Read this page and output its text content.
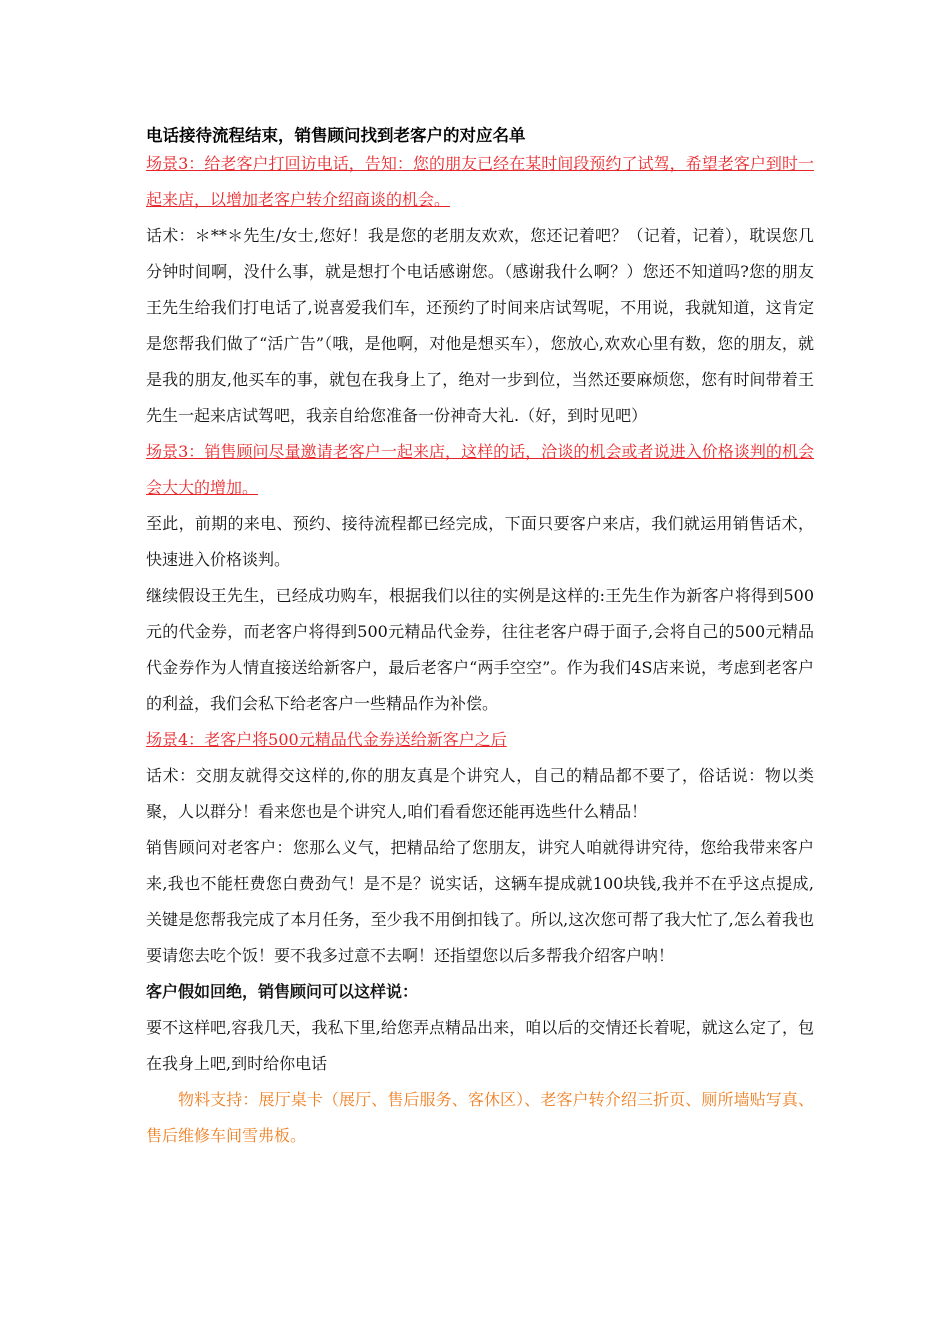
电话接待流程结束，销售顾问找到老客户的对应名单

场景3：给老客户打回访电话，告知：您的朋友已经在某时间段预约了试驾，希望老客户到时一起来店，以增加老客户转介绍商谈的机会。

话术：＊**＊先生/女士,您好！我是您的老朋友欢欢，您还记着吧？（记着，记着），耽误您几分钟时间啊，没什么事，就是想打个电话感谢您。（感谢我什么啊？）您还不知道吗?您的朋友王先生给我们打电话了,说喜爱我们车，还预约了时间来店试驾呢，不用说，我就知道，这肯定是您帮我们做了“活广告”（哦，是他啊，对他是想买车），您放心,欢欢心里有数，您的朋友，就是我的朋友,他买车的事，就包在我身上了，绝对一步到位，当然还要麻烦您，您有时间带着王先生一起来店试驾吧，我亲自给您准备一份神奇大礼.（好，到时见吧）

场景3：销售顾问尽量邀请老客户一起来店，这样的话，洽谈的机会或者说进入价格谈判的机会会大大的增加。

至此，前期的来电、预约、接待流程都已经完成，下面只要客户来店，我们就运用销售话术，快速进入价格谈判。

继续假设王先生，已经成功购车，根据我们以往的实例是这样的:王先生作为新客户将得到500元的代金券，而老客户将得到500元精品代金券，往往老客户碍于面子,会将自己的500元精品代金券作为人情直接送给新客户，最后老客户“两手空空”。作为我们4S店来说，考虑到老客户的利益，我们会私下给老客户一些精品作为补偿。

场景4：老客户将500元精品代金券送给新客户之后

话术：交朋友就得交这样的,你的朋友真是个讲究人，自己的精品都不要了，俗话说：物以类聚，人以群分！看来您也是个讲究人,咱们看看您还能再选些什么精品！

销售顾问对老客户：您那么义气，把精品给了您朋友，讲究人咱就得讲究待，您给我带来客户来,我也不能枉费您白费劲气！是不是？说实话，这辆车提成就100块钱,我并不在乎这点提成,关键是您帮我完成了本月任务，至少我不用倒扣钱了。所以,这次您可帮了我大忙了,怎么着我也要请您去吃个饭！要不我多过意不去啊！还指望您以后多帮我介绍客户呐！

客户假如回绝，销售顾问可以这样说：

要不这样吧,容我几天，我私下里,给您弄点精品出来，咱以后的交情还长着呢，就这么定了，包在我身上吧,到时给你电话

物料支持：展厅桌卡（展厅、售后服务、客休区）、老客户转介绍三折页、厕所墙贴写真、售后维修车间雪弗板。
